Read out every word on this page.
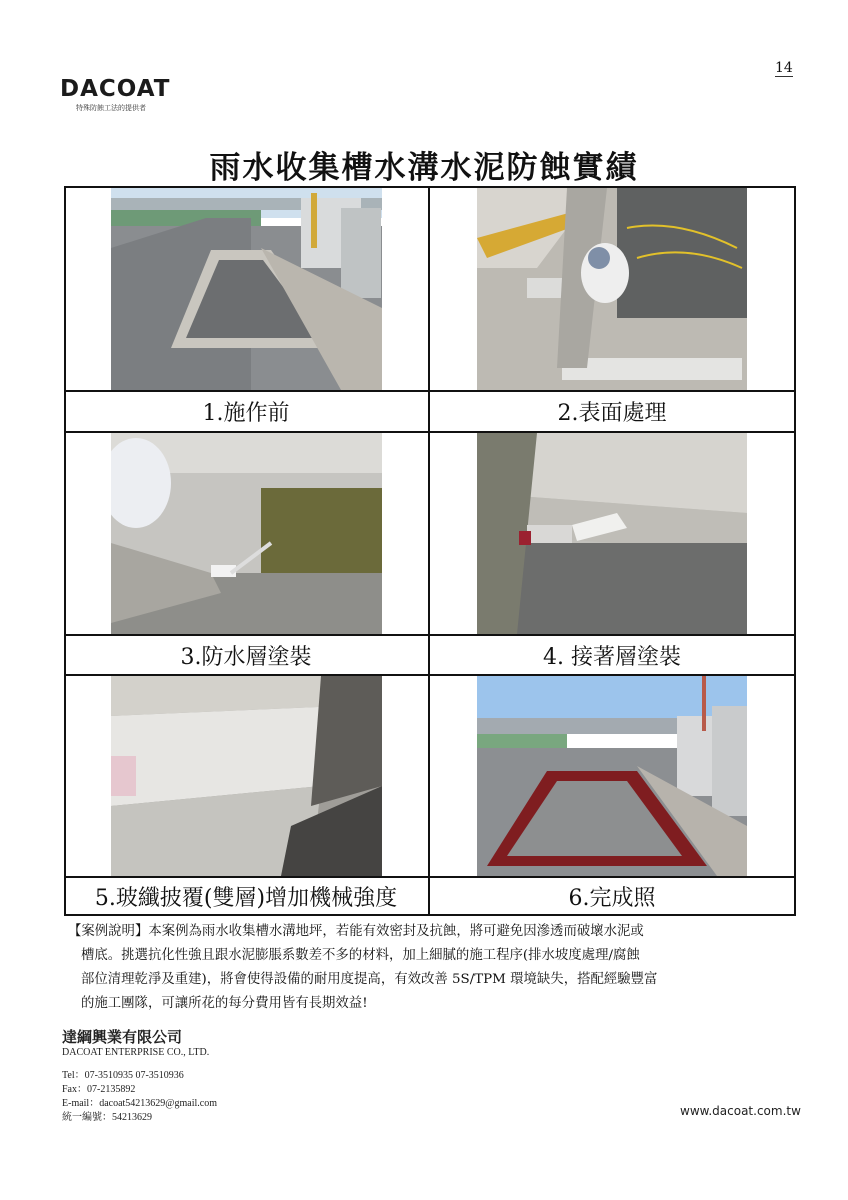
14
DACOAT
特殊防蝕工法的提供者
雨水收集槽水溝水泥防蝕實績
1.施作前	2.表面處理
3.防水層塗裝	4. 接著層塗裝
5.玻纖披覆(雙層)增加機械強度	6.完成照
【案例說明】本案例為雨水收集槽水溝地坪，若能有效密封及抗蝕，將可避免因滲透而破壞水泥或
槽底。挑選抗化性強且跟水泥膨脹系數差不多的材料，加上細膩的施工程序(排水坡度處理/腐蝕
部位清理乾淨及重建)，將會使得設備的耐用度提高，有效改善 5S/TPM 環境缺失，搭配經驗豐富
的施工團隊，可讓所花的每分費用皆有長期效益!
達綱興業有限公司
DACOAT ENTERPRISE CO., LTD.
Tel：07-3510935 07-3510936
Fax：07-2135892
E-mail：dacoat54213629@gmail.com
統一編號：54213629	www.dacoat.com.tw
